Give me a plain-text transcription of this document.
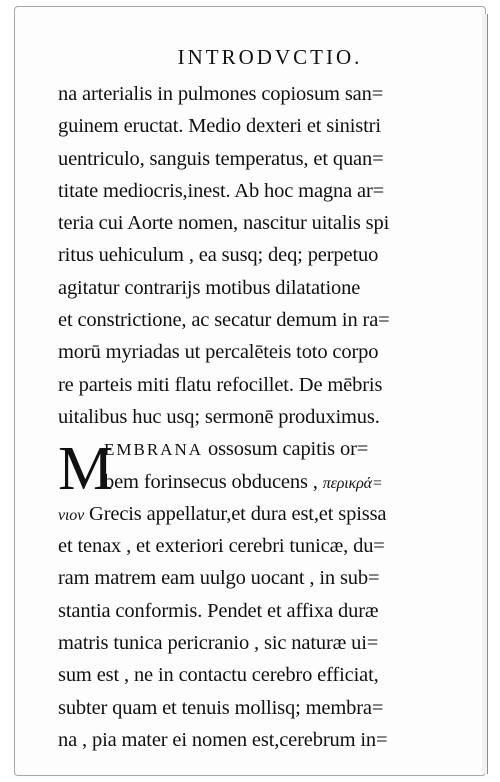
INTRODVCTIO.
na arterialis in pulmones copiosum san=
guinem eructat. Medio dexteri et sinistri
uentriculo, sanguis temperatus, et quan=
titate mediocris,inest. Ab hoc magna ar=
teria cui Aorte nomen, nascitur uitalis spi
ritus uehiculum , ea susq; deq; perpetuo
agitatur contrarijs motibus dilatatione
et constrictione, ac secatur demum in ra=
morū myriadas ut percalēteis toto corpo
re parteis miti flatu refocillet. De mēbris
uitalibus huc usq; sermonē produximus.
M
EMBRANA ossosum capitis or=
bem forinsecus obducens , περικρά=
νιον Grecis appellatur,et dura est,et spissa
et tenax , et exteriori cerebri tunicæ, du=
ram matrem eam uulgo uocant , in sub=
stantia conformis. Pendet et affixa duræ
matris tunica pericranio , sic naturæ ui=
sum est , ne in contactu cerebro efficiat,
subter quam et tenuis mollisq; membra=
na , pia mater ei nomen est,cerebrum in=
